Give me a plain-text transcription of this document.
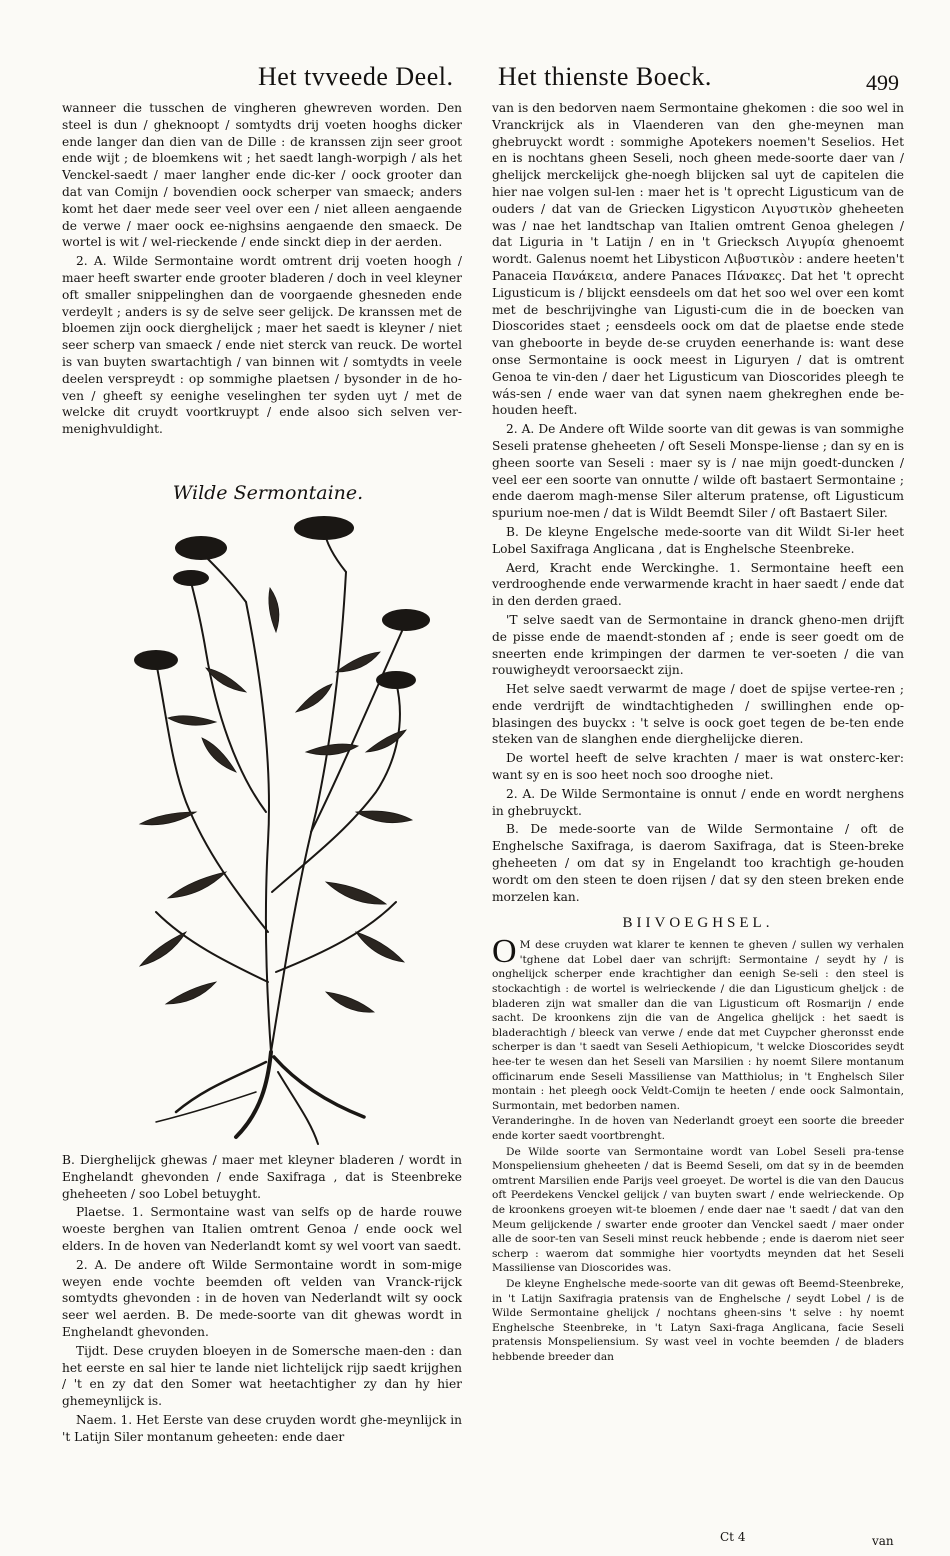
Het tvveede Deel. Het thienste Boeck.	499

wanneer die tusschen de vingheren ghewreven worden. Den steel is dun / gheknoopt / somtydts drij voeten hooghs dicker ende langer dan dien van de Dille : de kranssen zijn seer groot ende wijt ; de bloemkens wit ; het saedt langh-worpigh / als het Venckel-saedt / maer langher ende dic-ker / oock grooter dan dat van Comijn / bovendien oock scherper van smaeck; anders komt het daer mede seer veel over een / niet alleen aengaende de verwe / maer oock ee-nighsins aengaende den smaeck. De wortel is wit / wel-rieckende / ende sinckt diep in der aerden.

2. A. Wilde Sermontaine wordt omtrent drij voeten hoogh / maer heeft swarter ende grooter bladeren / doch in veel kleyner oft smaller snippelinghen dan de voorgaende ghesneden ende verdeylt ; anders is sy de selve seer gelijck. De kranssen met de bloemen zijn oock dierghelijck ; maer het saedt is kleyner / niet seer scherp van smaeck / ende niet sterck van reuck. De wortel is van buyten swartachtigh / van binnen wit / somtydts in veele deelen verspreydt : op sommighe plaetsen / bysonder in de ho-ven / gheeft sy eenighe veselinghen ter syden uyt / met de welcke dit cruydt voortkruypt / ende alsoo sich selven ver-menighvuldight.

Wilde Sermontaine.

B. Dierghelijck ghewas / maer met kleyner bladeren / wordt in Enghelandt ghevonden / ende Saxifraga , dat is Steenbreke gheheeten / soo Lobel betuyght.

Plaetse. 1. Sermontaine wast van selfs op de harde rouwe woeste berghen van Italien omtrent Genoa / ende oock wel elders. In de hoven van Nederlandt komt sy wel voort van saedt.

2. A. De andere oft Wilde Sermontaine wordt in som-mige weyen ende vochte beemden oft velden van Vranck-rijck somtydts ghevonden : in de hoven van Nederlandt wilt sy oock seer wel aerden. B. De mede-soorte van dit ghewas wordt in Enghelandt ghevonden.

Tijdt. Dese cruyden bloeyen in de Somersche maen-den : dan het eerste en sal hier te lande niet lichtelijck rijp saedt krijghen / 't en zy dat den Somer wat heetachtigher zy dan hy hier ghemeynlijck is.

Naem. 1. Het Eerste van dese cruyden wordt ghe-meynlijck in 't Latijn Siler montanum geheeten: ende daer

van is den bedorven naem Sermontaine ghekomen : die soo wel in Vranckrijck als in Vlaenderen van den ghe-meynen man ghebruyckt wordt : sommighe Apotekers noemen't Seselios. Het en is nochtans gheen Seseli, noch gheen mede-soorte daer van / ghelijck merckelijck ghe-noegh blijcken sal uyt de capitelen die hier nae volgen sul-len : maer het is 't oprecht Ligusticum van de ouders / dat van de Griecken Ligysticon Λιγυστικὸν gheheeten was / nae het landtschap van Italien omtrent Genoa ghelegen / dat Liguria in 't Latijn / en in 't Griecksch Λιγυρία ghenoemt wordt. Galenus noemt het Libysticon Λιβυστικὸν : andere heeten't Panaceia Πανάκεια, andere Panaces Πάνακες. Dat het 't oprecht Ligusticum is / blijckt eensdeels om dat het soo wel over een komt met de beschrijvinghe van Ligusti-cum die in de boecken van Dioscorides staet ; eensdeels oock om dat de plaetse ende stede van gheboorte in beyde de-se cruyden eenerhande is: want dese onse Sermontaine is oock meest in Liguryen / dat is omtrent Genoa te vin-den / daer het Ligusticum van Dioscorides pleegh te wás-sen / ende waer van dat synen naem ghekreghen ende be-houden heeft.

2. A. De Andere oft Wilde soorte van dit gewas is van sommighe Seseli pratense gheheeten / oft Seseli Monspe-liense ; dan sy en is gheen soorte van Seseli : maer sy is / nae mijn goedt-duncken / veel eer een soorte van onnutte / wilde oft bastaert Sermontaine ; ende daerom magh-mense Siler alterum pratense, oft Ligusticum spurium noe-men / dat is Wildt Beemdt Siler / oft Bastaert Siler.

B. De kleyne Engelsche mede-soorte van dit Wildt Si-ler heet Lobel Saxifraga Anglicana , dat is Enghelsche Steenbreke.

Aerd, Kracht ende Werckinghe. 1. Sermontaine heeft een verdrooghende ende verwarmende kracht in haer saedt / ende dat in den derden graed.

'T selve saedt van de Sermontaine in dranck gheno-men drijft de pisse ende de maendt-stonden af ; ende is seer goedt om de sneerten ende krimpingen der darmen te ver-soeten / die van rouwigheydt veroorsaeckt zijn.

Het selve saedt verwarmt de mage / doet de spijse vertee-ren ; ende verdrijft de windtachtigheden / swillinghen ende op-blasingen des buyckx : 't selve is oock goet tegen de be-ten ende steken van de slanghen ende dierghelijcke dieren.

De wortel heeft de selve krachten / maer is wat onsterc-ker: want sy en is soo heet noch soo drooghe niet.

2. A. De Wilde Sermontaine is onnut / ende en wordt nerghens in ghebruyckt.

B. De mede-soorte van de Wilde Sermontaine / oft de Enghelsche Saxifraga, is daerom Saxifraga, dat is Steen-breke gheheeten / om dat sy in Engelandt too krachtigh ge-houden wordt om den steen te doen rijsen / dat sy den steen breken ende morzelen kan.

BIIVOEGHSEL.

O M dese cruyden wat klarer te kennen te gheven / sullen wy verhalen 'tghene dat Lobel daer van schrijft: Sermontaine / seydt hy / is onghelijck scherper ende krachtigher dan eenigh Se-seli : den steel is stockachtigh : de wortel is welrieckende / die dan Ligusticum gheljck : de bladeren zijn wat smaller dan die van Ligusticum oft Rosmarijn / ende sacht. De kroonkens zijn die van de Angelica ghelijck : het saedt is bladerachtigh / bleeck van verwe / ende dat met Cuypcher gheronsst ende scherper is dan 't saedt van Seseli Aethiopicum, 't welcke Dioscorides seydt hee-ter te wesen dan het Seseli van Marsilien : hy noemt Silere montanum officinarum ende Seseli Massiliense van Matthiolus; in 't Enghelsch Siler montain : het pleegh oock Veldt-Comijn te heeten / ende oock Salmontain, Surmontain, met bedorben namen.

Veranderinghe. In de hoven van Nederlandt groeyt een soorte die breeder ende korter saedt voortbrenght.

De Wilde soorte van Sermontaine wordt van Lobel Seseli pra-tense Monspeliensium gheheeten / dat is Beemd Seseli, om dat sy in de beemden omtrent Marsilien ende Parijs veel groeyet. De wortel is die van den Daucus oft Peerdekens Venckel gelijck / van buyten swart / ende welrieckende. Op de kroonkens groeyen wit-te bloemen / ende daer nae 't saedt / dat van den Meum gelijckende / swarter ende grooter dan Venckel saedt / maer onder alle de soor-ten van Seseli minst reuck hebbende ; ende is daerom niet seer scherp : waerom dat sommighe hier voortydts meynden dat het Seseli Massiliense van Dioscorides was.

De kleyne Enghelsche mede-soorte van dit gewas oft Beemd-Steenbreke, in 't Latijn Saxifragia pratensis van de Enghelsche / seydt Lobel / is de Wilde Sermontaine ghelijck / nochtans gheen-sins 't selve : hy noemt Enghelsche Steenbreke, in 't Latyn Saxi-fraga Anglicana, facie Seseli pratensis Monspeliensium. Sy wast veel in vochte beemden / de bladers hebbende breeder dan

Ct 4	van
